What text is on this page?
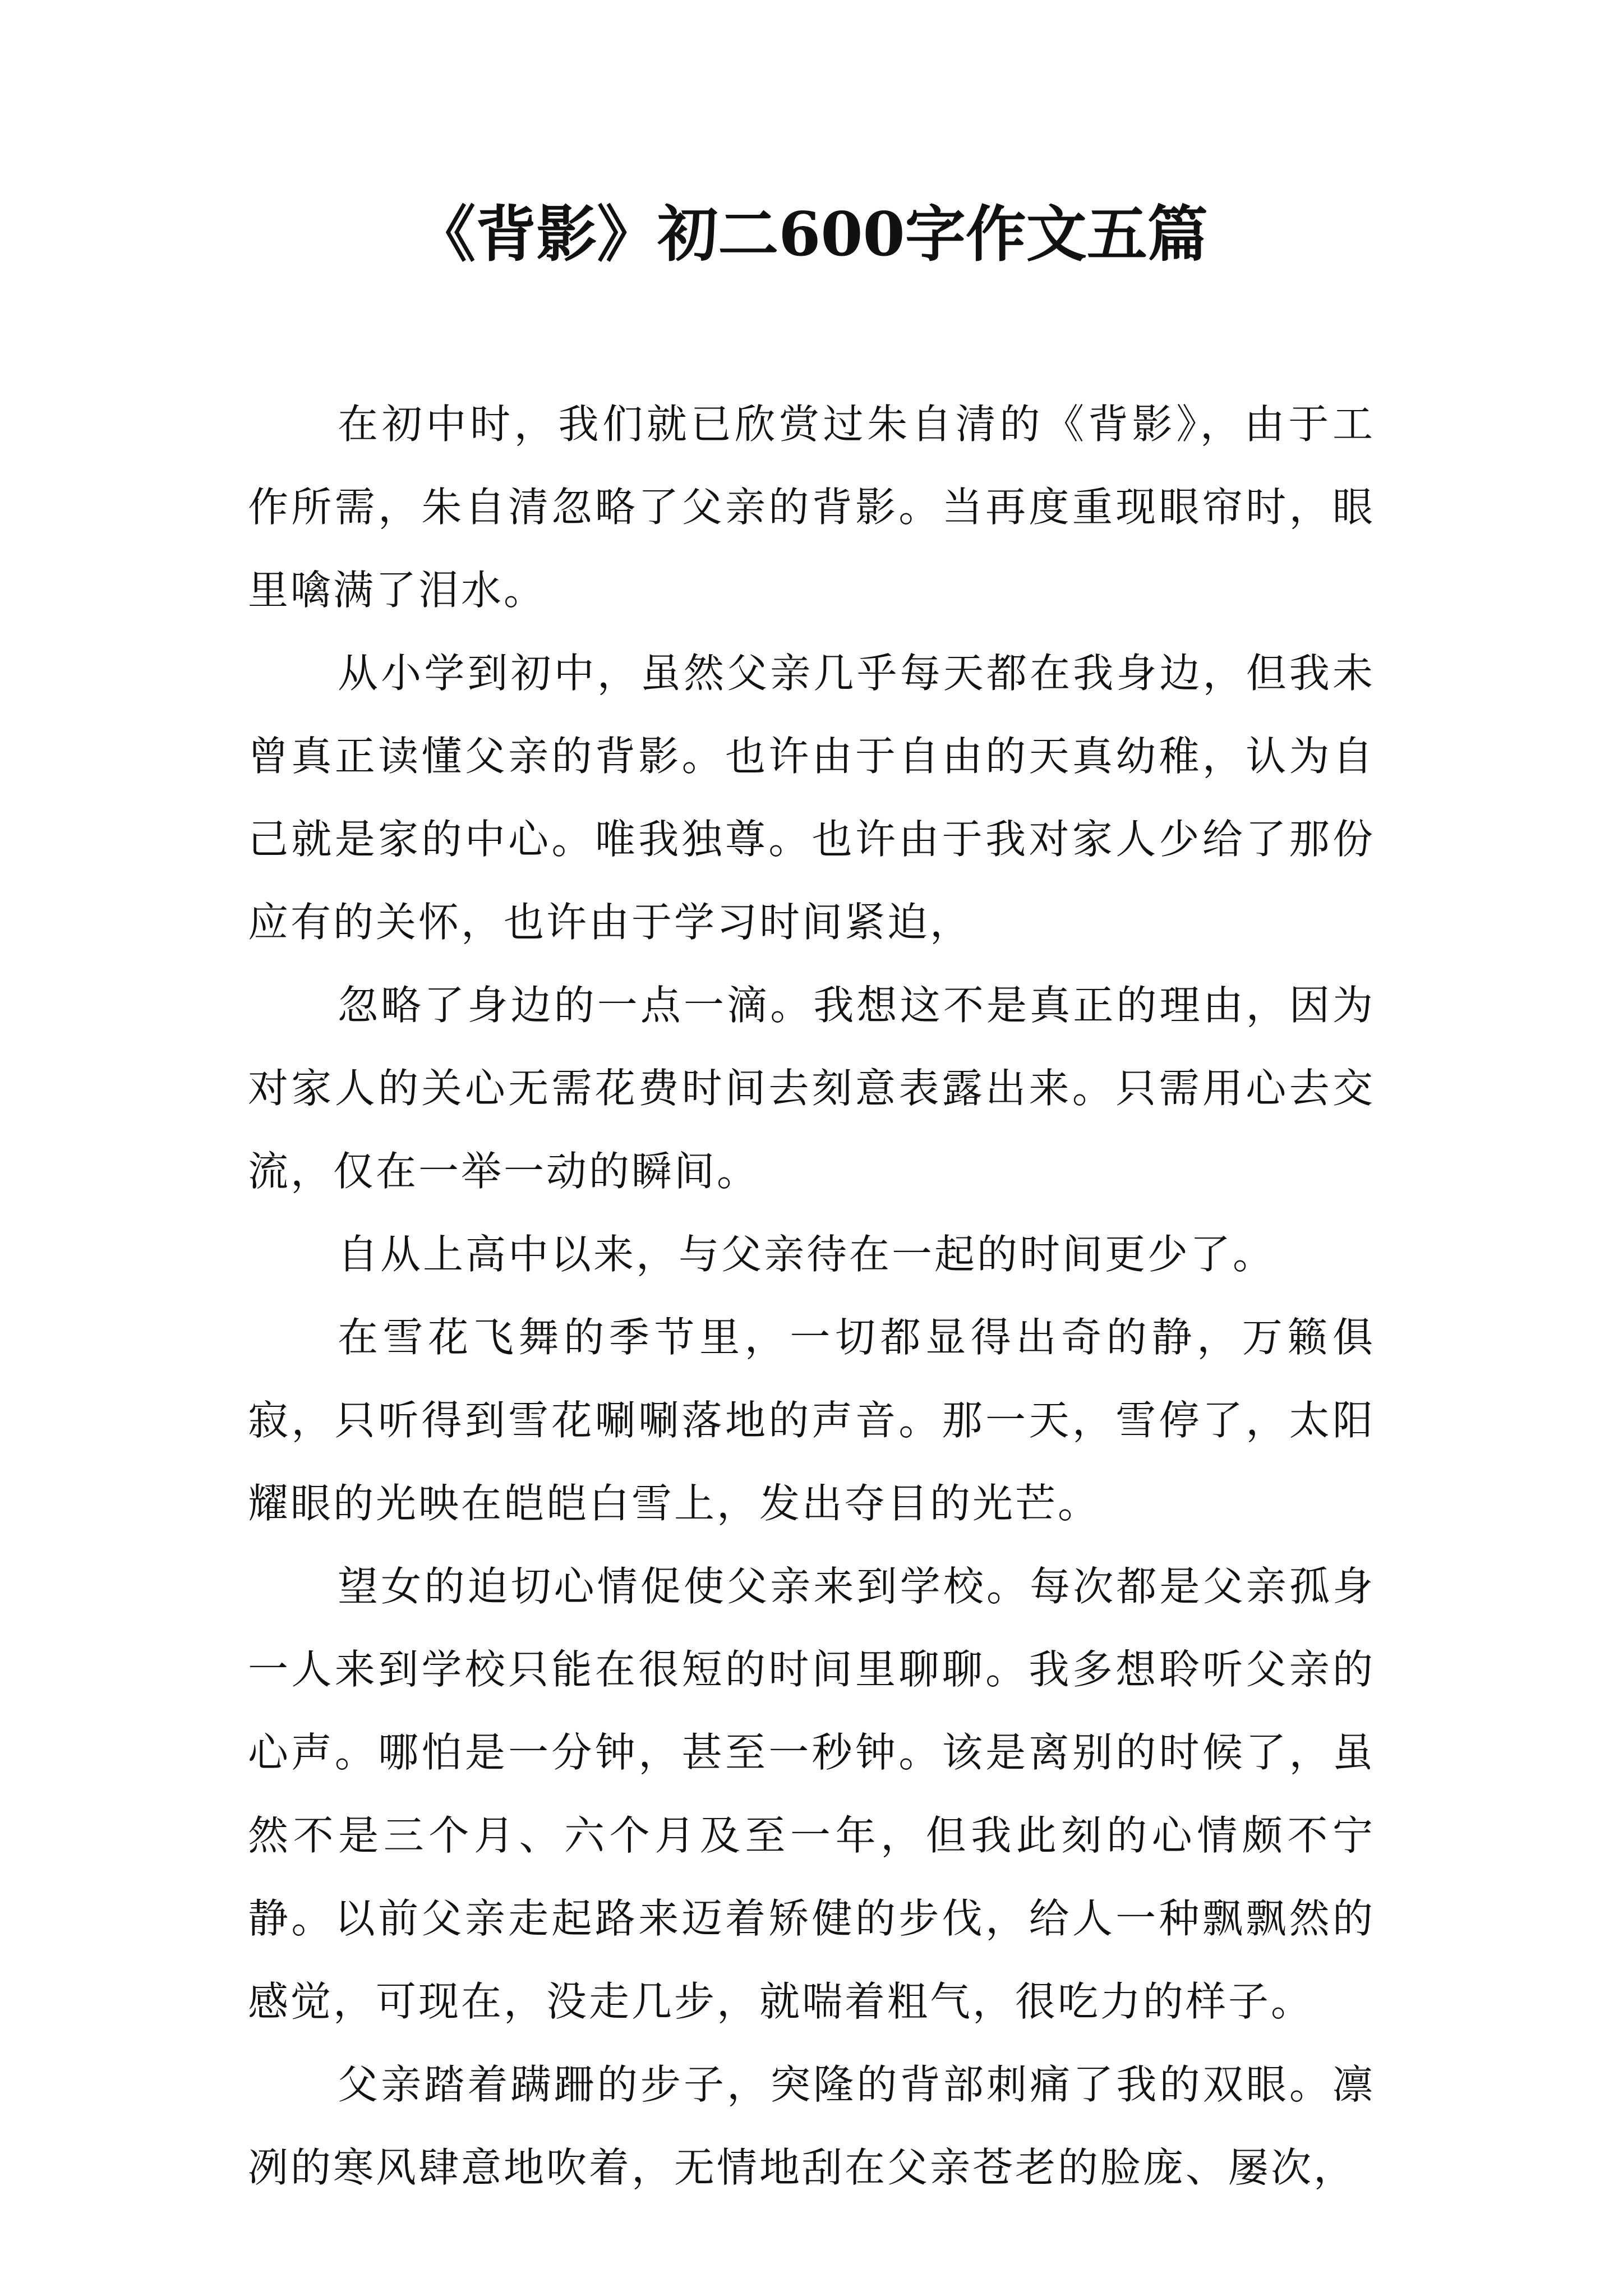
《背影》初二600字作文五篇

在初中时，我们就已欣赏过朱自清的《背影》，由于工作所需，朱自清忽略了父亲的背影。当再度重现眼帘时，眼里噙满了泪水。

从小学到初中，虽然父亲几乎每天都在我身边，但我未曾真正读懂父亲的背影。也许由于自由的天真幼稚，认为自己就是家的中心。唯我独尊。也许由于我对家人少给了那份应有的关怀，也许由于学习时间紧迫，

忽略了身边的一点一滴。我想这不是真正的理由，因为对家人的关心无需花费时间去刻意表露出来。只需用心去交流，仅在一举一动的瞬间。

自从上高中以来，与父亲待在一起的时间更少了。

在雪花飞舞的季节里，一切都显得出奇的静，万籁俱寂，只听得到雪花唰唰落地的声音。那一天，雪停了，太阳耀眼的光映在皑皑白雪上，发出夺目的光芒。

望女的迫切心情促使父亲来到学校。每次都是父亲孤身一人来到学校只能在很短的时间里聊聊。我多想聆听父亲的心声。哪怕是一分钟，甚至一秒钟。该是离别的时候了，虽然不是三个月、六个月及至一年，但我此刻的心情颇不宁静。以前父亲走起路来迈着矫健的步伐，给人一种飘飘然的感觉，可现在，没走几步，就喘着粗气，很吃力的样子。

父亲踏着蹒跚的步子，突隆的背部刺痛了我的双眼。凛冽的寒风肆意地吹着，无情地刮在父亲苍老的脸庞、屡次，
